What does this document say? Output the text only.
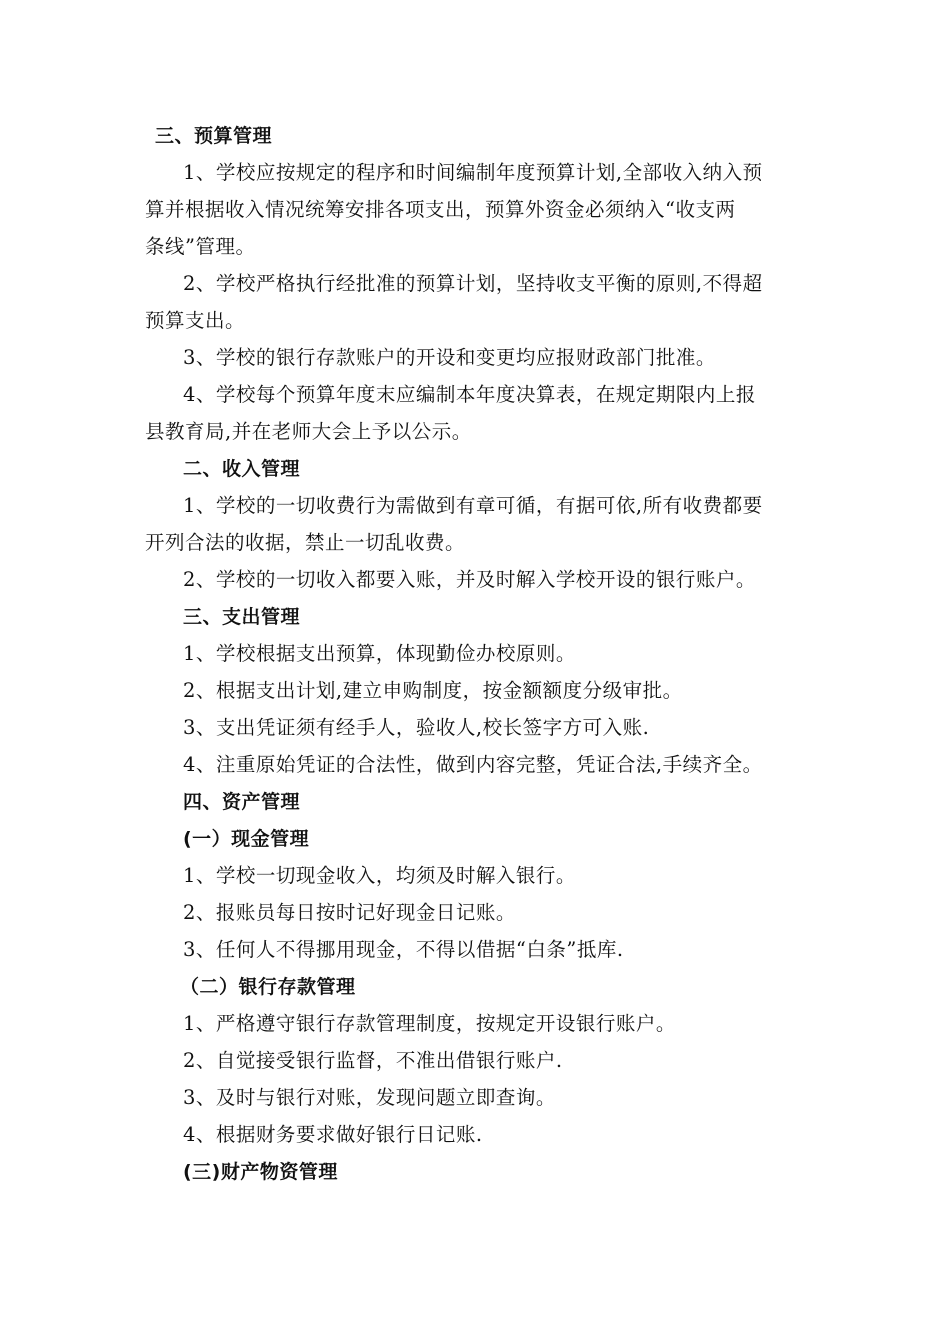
三、预算管理
1、学校应按规定的程序和时间编制年度预算计划,全部收入纳入预
算并根据收入情况统筹安排各项支出，预算外资金必须纳入“收支两
条线”管理。
2、学校严格执行经批准的预算计划，坚持收支平衡的原则,不得超
预算支出。
3、学校的银行存款账户的开设和变更均应报财政部门批准。
4、学校每个预算年度末应编制本年度决算表，在规定期限内上报
县教育局,并在老师大会上予以公示。
二、收入管理
1、学校的一切收费行为需做到有章可循，有据可依,所有收费都要
开列合法的收据，禁止一切乱收费。
2、学校的一切收入都要入账，并及时解入学校开设的银行账户。
三、支出管理
1、学校根据支出预算，体现勤俭办校原则。
2、根据支出计划,建立申购制度，按金额额度分级审批。
3、支出凭证须有经手人，验收人,校长签字方可入账.
4、注重原始凭证的合法性，做到内容完整，凭证合法,手续齐全。
四、资产管理
(一）现金管理
1、学校一切现金收入，均须及时解入银行。
2、报账员每日按时记好现金日记账。
3、任何人不得挪用现金，不得以借据“白条”抵库.
（二）银行存款管理
1、严格遵守银行存款管理制度，按规定开设银行账户。
2、自觉接受银行监督，不准出借银行账户.
3、及时与银行对账，发现问题立即查询。
4、根据财务要求做好银行日记账.
(三)财产物资管理
